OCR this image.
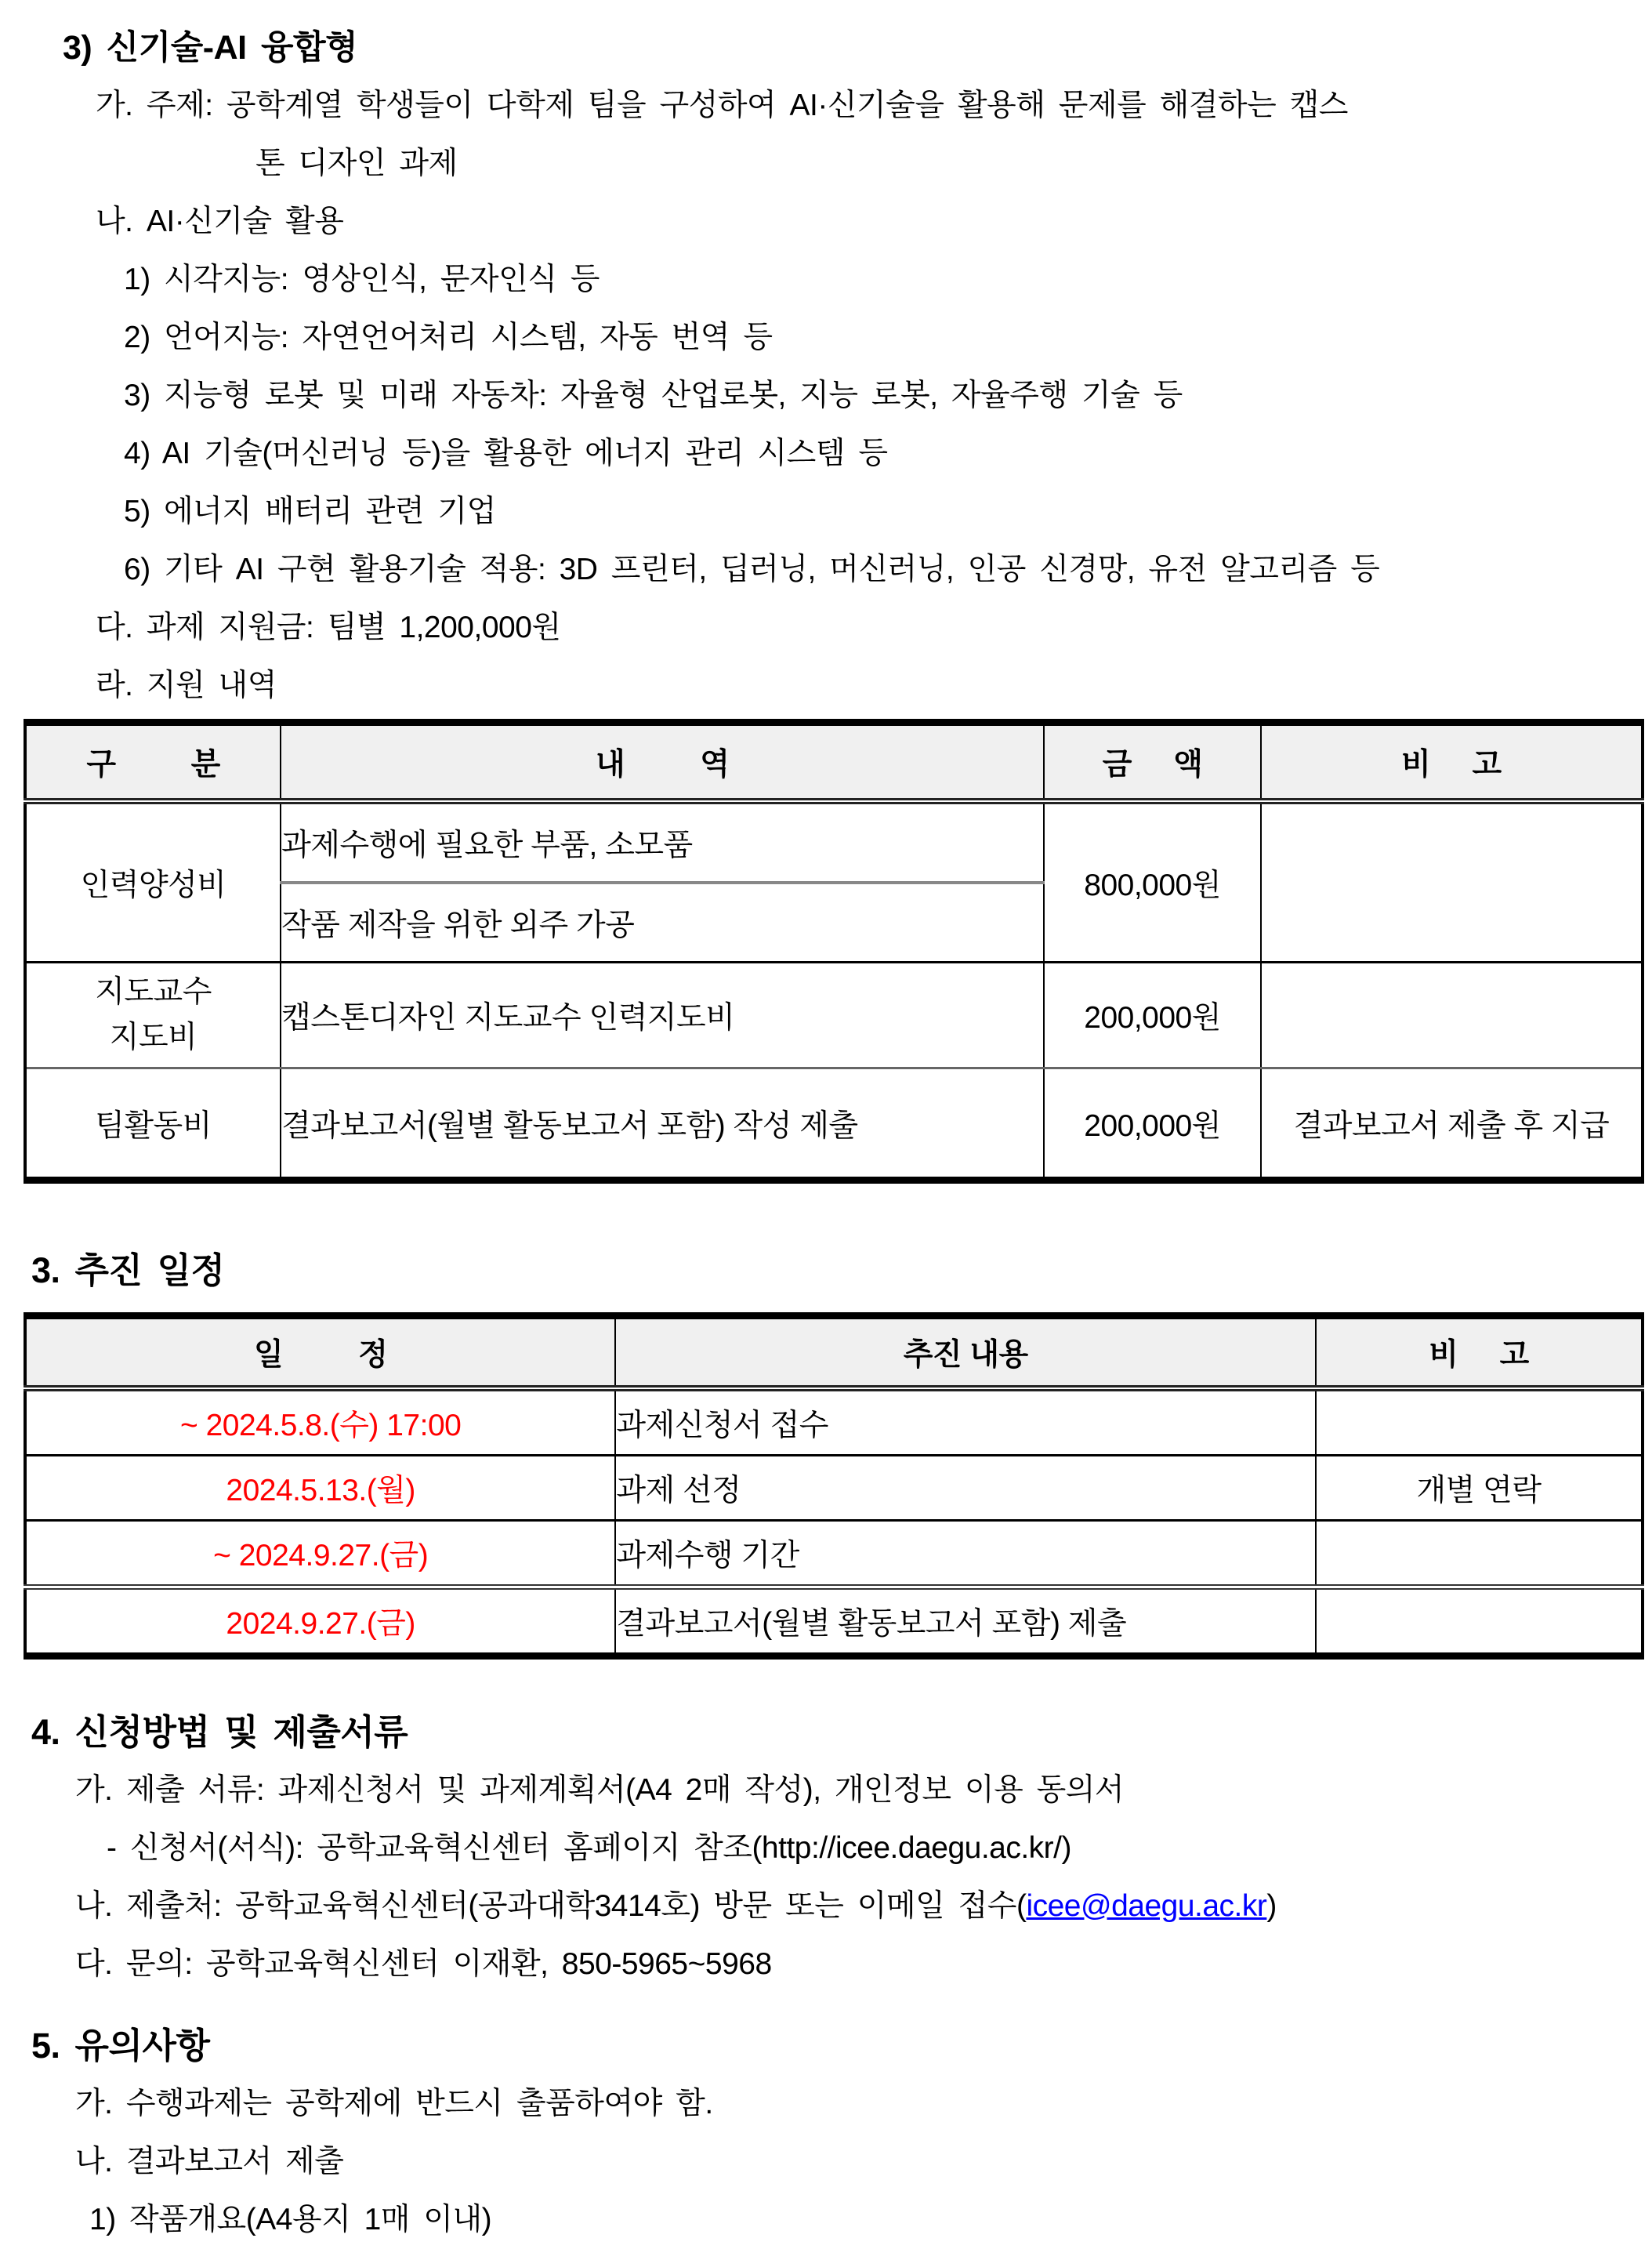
3) 신기술-AI 융합형
가. 주제: 공학계열 학생들이 다학제 팀을 구성하여 AI·신기술을 활용해 문제를 해결하는 캡스
톤 디자인 과제
나. AI·신기술 활용
1) 시각지능: 영상인식, 문자인식 등
2) 언어지능: 자연언어처리 시스템, 자동 번역 등
3) 지능형 로봇 및 미래 자동차: 자율형 산업로봇, 지능 로봇, 자율주행 기술 등
4) AI 기술(머신러닝 등)을 활용한 에너지 관리 시스템 등
5) 에너지 배터리 관련 기업
6) 기타 AI 구현 활용기술 적용: 3D 프린터, 딥러닝, 머신러닝, 인공 신경망, 유전 알고리즘 등
다. 과제 지원금: 팀별 1,200,000원
라. 지원 내역
구 분	내 역	금 액	비 고
인력양성비	과제수행에 필요한 부품, 소모품	800,000원	
	작품 제작을 위한 외주 가공		

지도교수
지도비	캡스톤디자인 지도교수 인력지도비	200,000원	
팀활동비	결과보고서(월별 활동보고서 포함) 작성 제출	200,000원	결과보고서 제출 후 지급
3. 추진 일정
일 정	추진 내용	비 고
~ 2024.5.8.(수) 17:00	과제신청서 접수	
2024.5.13.(월)	과제 선정	개별 연락
~ 2024.9.27.(금)	과제수행 기간	
2024.9.27.(금)	결과보고서(월별 활동보고서 포함) 제출	
4. 신청방법 및 제출서류
가. 제출 서류: 과제신청서 및 과제계획서(A4 2매 작성), 개인정보 이용 동의서
- 신청서(서식): 공학교육혁신센터 홈페이지 참조(http://icee.daegu.ac.kr/)
나. 제출처: 공학교육혁신센터(공과대학3414호) 방문 또는 이메일 접수(icee@daegu.ac.kr)
다. 문의: 공학교육혁신센터 이재환, 850-5965~5968
5. 유의사항
가. 수행과제는 공학제에 반드시 출품하여야 함.
나. 결과보고서 제출
1) 작품개요(A4용지 1매 이내)
